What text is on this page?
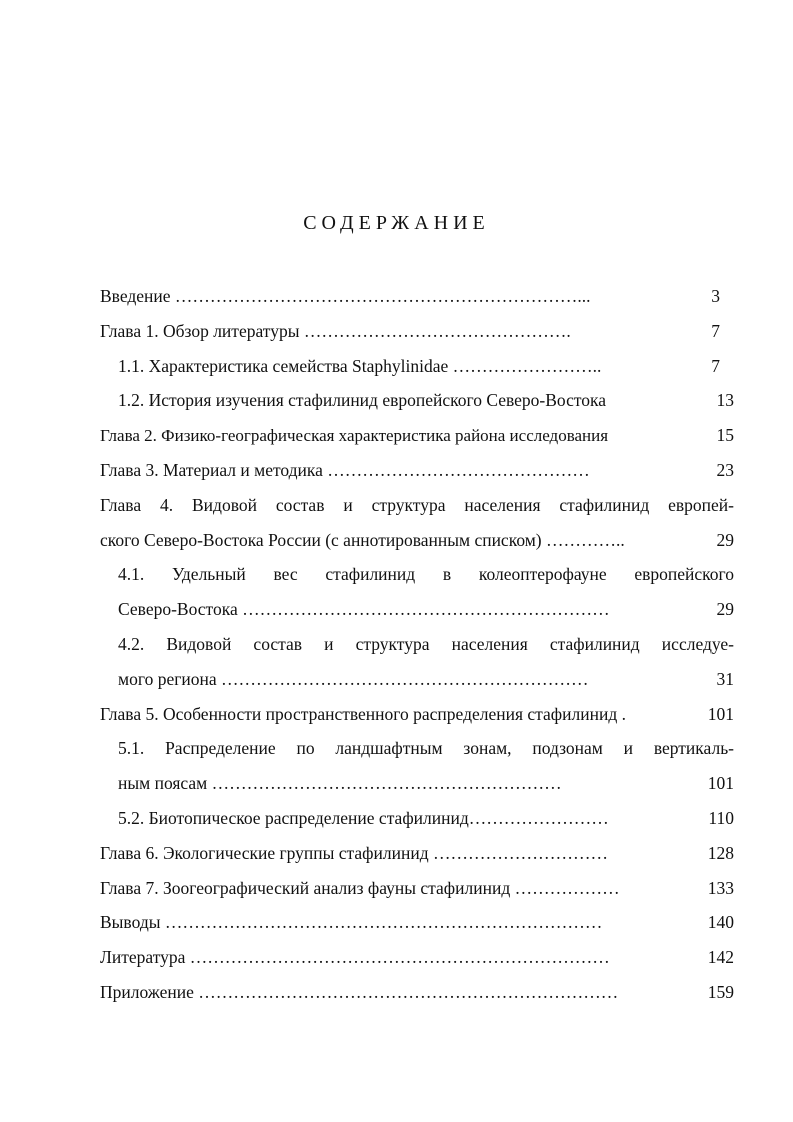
СОДЕРЖАНИЕ
Введение ……………………………………………………………...	3
Глава 1. Обзор литературы ……………………………………….	7
1.1. Характеристика семейства Staphylinidae ……………………..	7
1.2. История изучения стафилинид европейского Северо-Востока	13
Глава 2. Физико-географическая характеристика района исследования	15
Глава 3. Материал и методика ………………………………………	23
Глава 4. Видовой состав и структура населения стафилинид европей-
ского Северо-Востока России (с аннотированным списком) …………..	29
4.1. Удельный вес стафилинид в колеоптерофауне европейского
Северо-Востока ………………………………………………………	29
4.2. Видовой состав и структура населения стафилинид исследуе-
мого региона ………………………………………………………	31
Глава 5. Особенности пространственного распределения стафилинид .	101
5.1. Распределение по ландшафтным зонам, подзонам и вертикаль-
ным поясам ……………………………………………………	101
5.2. Биотопическое распределение стафилинид……………………	110
Глава 6. Экологические группы стафилинид …………………………	128
Глава 7. Зоогеографический анализ фауны стафилинид ………………	133
Выводы …………………………………………………………………	140
Литература ………………………………………………………………	142
Приложение ………………………………………………………………	159
